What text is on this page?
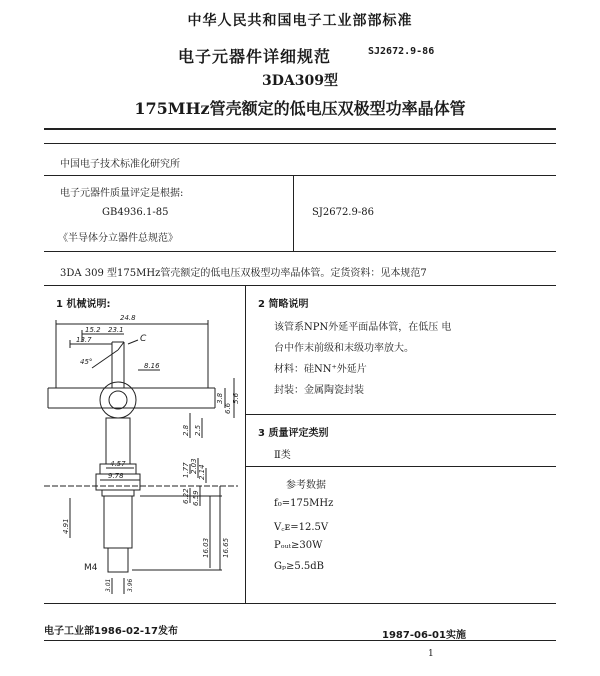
中华人民共和国电子工业部部标准
电子元器件详细规范	SJ2672.9-86
3DA309型
175MHz管壳额定的低电压双极型功率晶体管
中国电子技术标准化研究所
电子元器件质量评定是根据:
GB4936.1-85
《半导体分立器件总规范》
SJ2672.9-86
3DA 309 型175MHz管壳额定的低电压双极型功率晶体管。定货资料：见本规范7
1 机械说明:
24.8
15.2 23.1
13.7
45°
C
8.16
3.8
6.6
5.6
2.8 2.5
4.57
9.78	1.77 2.03 2.14
6.22 6.59
4.91
16.03 16.65
3.01	3.96
M4
2 简略说明
该管系NPN外延平面晶体管，在低压 电
台中作末前级和末级功率放大。
材料：硅NN⁺外延片
封装：金属陶瓷封装
3 质量评定类别
Ⅱ类
参考数据
f₀=175MHz
V꜀ᴇ=12.5V
Pₒᵤₜ≥30W
Gₚ≥5.5dB
电子工业部1986-02-17发布	1987-06-01实施
1
